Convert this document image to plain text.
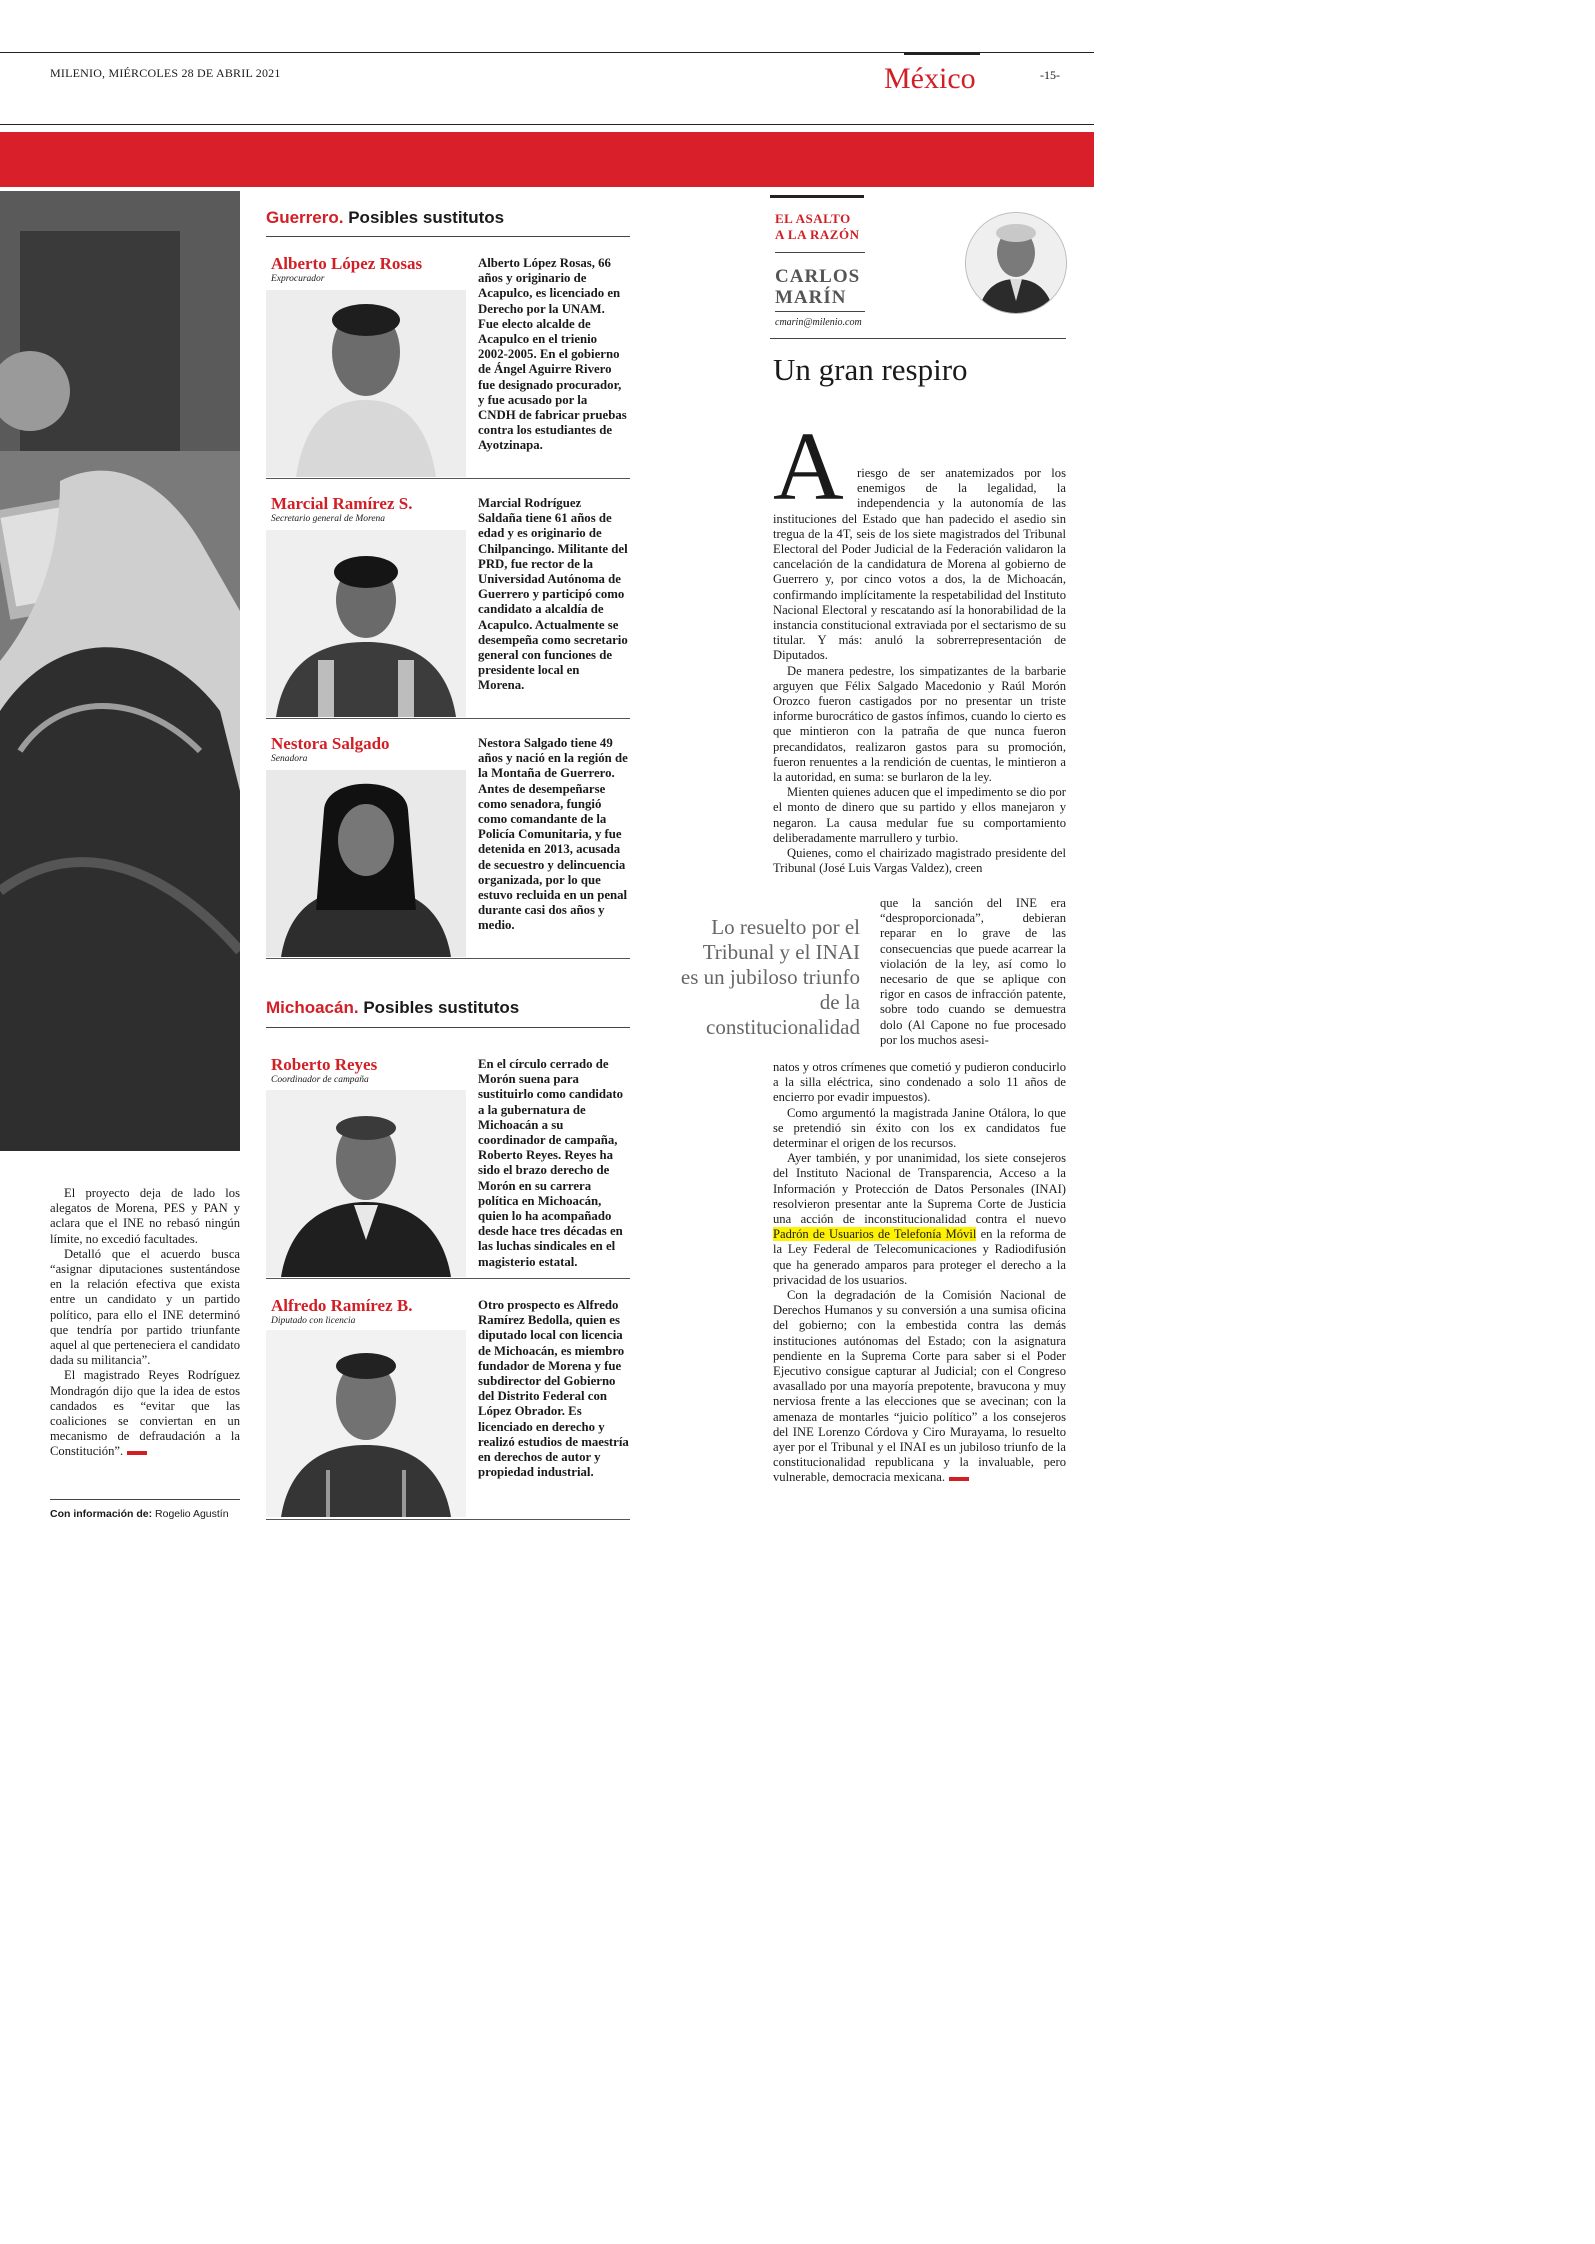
MILENIO, MIÉRCOLES 28 DE ABRIL 2021	México	-15-
Guerrero. Posibles sustitutos
Alberto López Rosas
Exprocurador
Alberto López Rosas, 66 años y originario de Acapulco, es licenciado en Derecho por la UNAM. Fue electo alcalde de Acapulco en el trienio 2002-2005. En el gobierno de Ángel Aguirre Rivero fue designado procurador, y fue acusado por la CNDH de fabricar pruebas contra los estudiantes de Ayotzinapa.
Marcial Ramírez S.
Secretario general de Morena
Marcial Rodríguez Saldaña tiene 61 años de edad y es originario de Chilpancingo. Militante del PRD, fue rector de la Universidad Autónoma de Guerrero y participó como candidato a alcaldía de Acapulco. Actualmente se desempeña como secretario general con funciones de presidente local en Morena.
Nestora Salgado
Senadora
Nestora Salgado tiene 49 años y nació en la región de la Montaña de Guerrero. Antes de desempeñarse como senadora, fungió como comandante de la Policía Comunitaria, y fue detenida en 2013, acusada de secuestro y delincuencia organizada, por lo que estuvo recluida en un penal durante casi dos años y medio.
Michoacán. Posibles sustitutos
Roberto Reyes
Coordinador de campaña
En el círculo cerrado de Morón suena para sustituirlo como candidato a la gubernatura de Michoacán a su coordinador de campaña, Roberto Reyes. Reyes ha sido el brazo derecho de Morón en su carrera política en Michoacán, quien lo ha acompañado desde hace tres décadas en las luchas sindicales en el magisterio estatal.
Alfredo Ramírez B.
Diputado con licencia
Otro prospecto es Alfredo Ramírez Bedolla, quien es diputado local con licencia de Michoacán, es miembro fundador de Morena y fue subdirector del Gobierno del Distrito Federal con López Obrador. Es licenciado en derecho y realizó estudios de maestría en derechos de autor y propiedad industrial.

El proyecto deja de lado los alegatos de Morena, PES y PAN y aclara que el INE no rebasó ningún límite, no excedió facultades.

Detalló que el acuerdo busca “asignar diputaciones sustentándose en la relación efectiva que exista entre un candidato y un partido político, para ello el INE determinó que tendría por partido triunfante aquel al que perteneciera el candidato dada su militancia”.

El magistrado Reyes Rodríguez Mondragón dijo que la idea de estos candados es “evitar que las coaliciones se conviertan en un mecanismo de defraudación a la Constitución”.

Con información de: Rogelio Agustín
EL ASALTO
A LA RAZÓN
CARLOS
MARÍN
cmarin@milenio.com
Un gran respiro
A	riesgo de ser anatemizados por los enemigos de la legalidad, la independencia y la autonomía de las instituciones del Estado que han padecido el asedio sin tregua de la 4T, seis de los siete magistrados del Tribunal Electoral del Poder Judicial de la Federación validaron la cancelación de la candidatura de Morena al gobierno de Guerrero y, por cinco votos a dos, la de Michoacán, confirmando implícitamente la respetabilidad del Instituto Nacional Electoral y rescatando así la honorabilidad de la instancia constitucional extraviada por el sectarismo de su titular. Y más: anuló la sobrerrepresentación de Diputados.

De manera pedestre, los simpatizantes de la barbarie arguyen que Félix Salgado Macedonio y Raúl Morón Orozco fueron castigados por no presentar un triste informe burocrático de gastos ínfimos, cuando lo cierto es que mintieron con la patraña de que nunca fueron precandidatos, realizaron gastos para su promoción, fueron renuentes a la rendición de cuentas, le mintieron a la autoridad, en suma: se burlaron de la ley.

Mienten quienes aducen que el impedimento se dio por el monto de dinero que su partido y ellos manejaron y negaron. La causa medular fue su comportamiento deliberadamente marrullero y turbio.

Quienes, como el chairizado magistrado presidente del Tribunal (José Luis Vargas Valdez), creen

Lo resuelto por el Tribunal y el INAI es un jubiloso triunfo de la constitucionalidad

que la sanción del INE era “desproporcionada”, debieran reparar en lo grave de las consecuencias que puede acarrear la violación de la ley, así como lo necesario de que se aplique con rigor en casos de infracción patente, sobre todo cuando se demuestra dolo (Al Capone no fue procesado por los muchos asesi-

natos y otros crímenes que cometió y pudieron conducirlo a la silla eléctrica, sino condenado a solo 11 años de encierro por evadir impuestos).

Como argumentó la magistrada Janine Otálora, lo que se pretendió sin éxito con los ex candidatos fue determinar el origen de los recursos.

Ayer también, y por unanimidad, los siete consejeros del Instituto Nacional de Transparencia, Acceso a la Información y Protección de Datos Personales (INAI) resolvieron presentar ante la Suprema Corte de Justicia una acción de inconstitucionalidad contra el nuevo Padrón de Usuarios de Telefonía Móvil en la reforma de la Ley Federal de Telecomunicaciones y Radiodifusión que ha generado amparos para proteger el derecho a la privacidad de los usuarios.

Con la degradación de la Comisión Nacional de Derechos Humanos y su conversión a una sumisa oficina del gobierno; con la embestida contra las demás instituciones autónomas del Estado; con la asignatura pendiente en la Suprema Corte para saber si el Poder Ejecutivo consigue capturar al Judicial; con el Congreso avasallado por una mayoría prepotente, bravucona y muy nerviosa frente a las elecciones que se avecinan; con la amenaza de montarles “juicio político” a los consejeros del INE Lorenzo Córdova y Ciro Murayama, lo resuelto ayer por el Tribunal y el INAI es un jubiloso triunfo de la constitucionalidad republicana y la invaluable, pero vulnerable, democracia mexicana.
